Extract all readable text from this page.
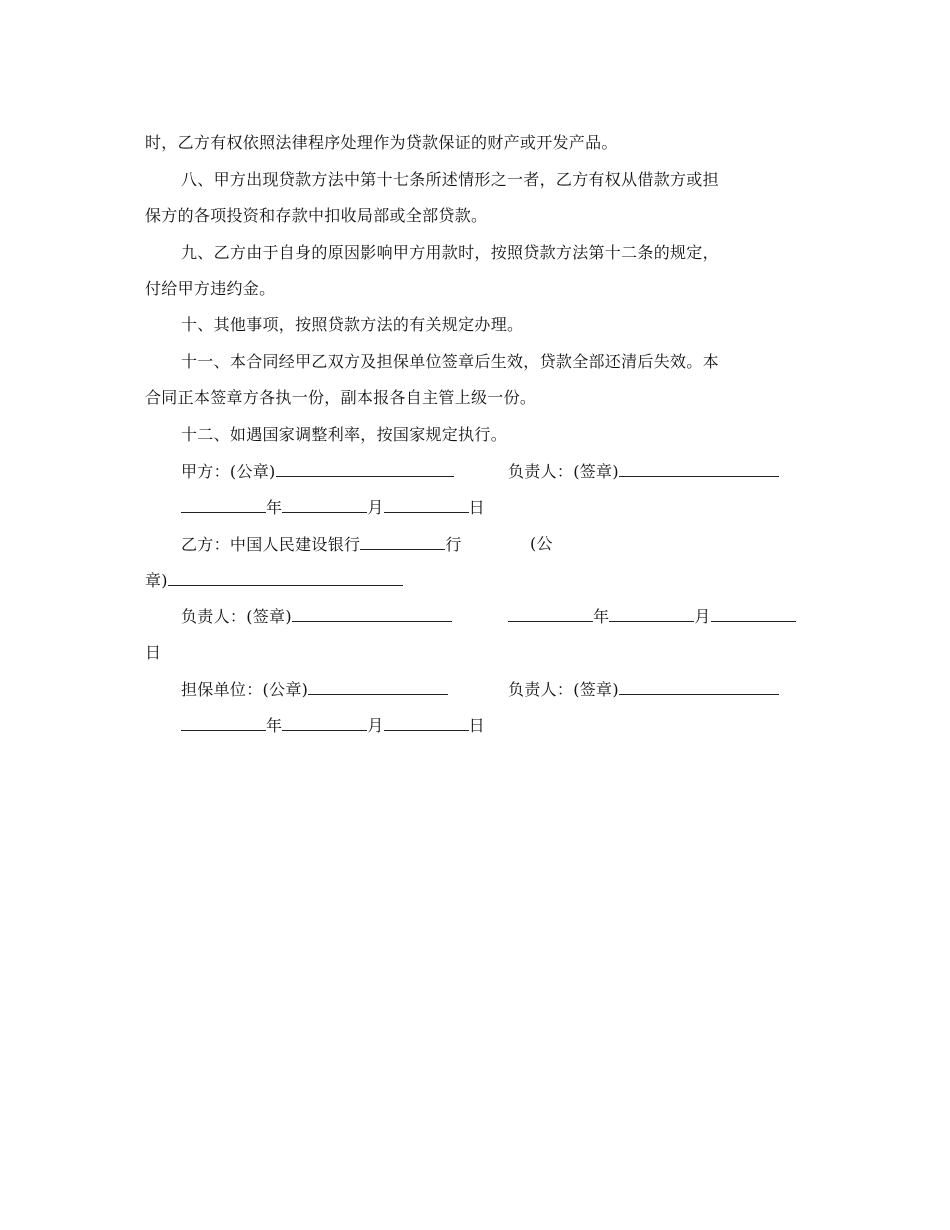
时，乙方有权依照法律程序处理作为贷款保证的财产或开发产品。
八、甲方出现贷款方法中第十七条所述情形之一者，乙方有权从借款方或担
保方的各项投资和存款中扣收局部或全部贷款。
九、乙方由于自身的原因影响甲方用款时，按照贷款方法第十二条的规定，
付给甲方违约金。
十、其他事项，按照贷款方法的有关规定办理。
十一、本合同经甲乙双方及担保单位签章后生效，贷款全部还清后失效。本
合同正本签章方各执一份，副本报各自主管上级一份。
十二、如遇国家调整利率，按国家规定执行。
甲方：(公章)	负责人：(签章)
年	月	日
乙方：中国人民建设银行	行	(公
章)
负责人：(签章)	年	月
日
担保单位：(公章)	负责人：(签章)
年	月	日
